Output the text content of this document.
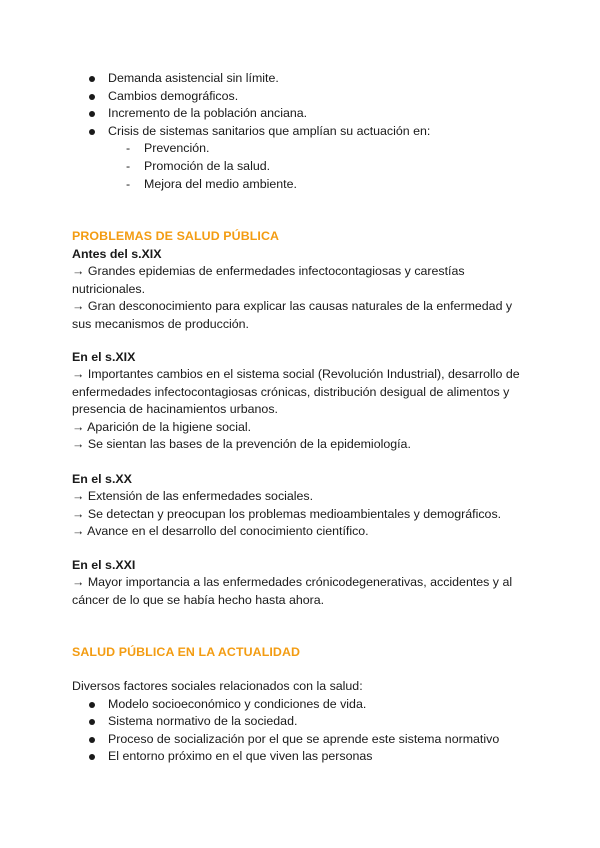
Demanda asistencial sin límite.
Cambios demográficos.
Incremento de la población anciana.
Crisis de sistemas sanitarios que amplían su actuación en:
- Prevención.
- Promoción de la salud.
- Mejora del medio ambiente.
PROBLEMAS DE SALUD PÚBLICA
Antes del s.XIX
→ Grandes epidemias de enfermedades infectocontagiosas y carestías nutricionales.
→ Gran desconocimiento para explicar las causas naturales de la enfermedad y sus mecanismos de producción.
En el s.XIX
→ Importantes cambios en el sistema social (Revolución Industrial), desarrollo de enfermedades infectocontagiosas crónicas, distribución desigual de alimentos y presencia de hacinamientos urbanos.
→ Aparición de la higiene social.
→ Se sientan las bases de la prevención de la epidemiología.
En el s.XX
→ Extensión de las enfermedades sociales.
→ Se detectan y preocupan los problemas medioambientales y demográficos.
→ Avance en el desarrollo del conocimiento científico.
En el s.XXI
→ Mayor importancia a las enfermedades crónicodegenerativas, accidentes y al cáncer de lo que se había hecho hasta ahora.
SALUD PÚBLICA EN LA ACTUALIDAD
Diversos factores sociales relacionados con la salud:
Modelo socioeconómico y condiciones de vida.
Sistema normativo de la sociedad.
Proceso de socialización por el que se aprende este sistema normativo
El entorno próximo en el que viven las personas
